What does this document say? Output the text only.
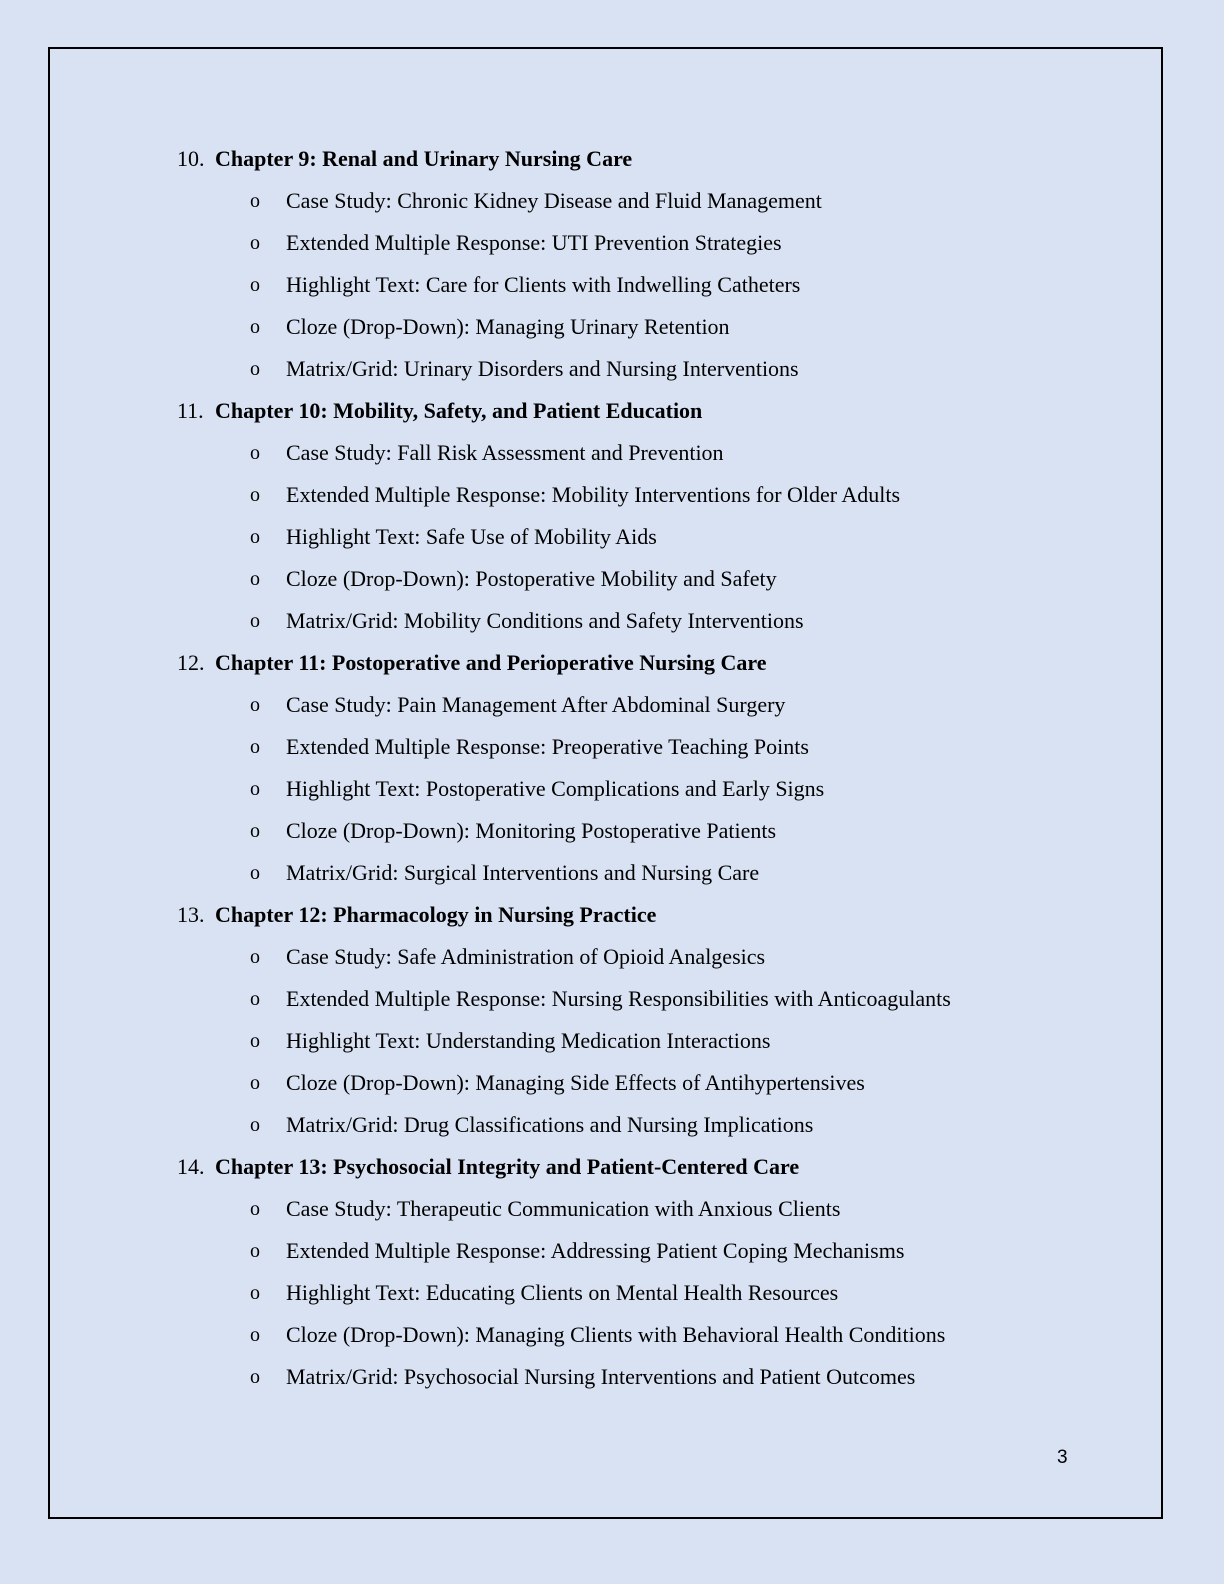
10. Chapter 9: Renal and Urinary Nursing Care
o Case Study: Chronic Kidney Disease and Fluid Management
o Extended Multiple Response: UTI Prevention Strategies
o Highlight Text: Care for Clients with Indwelling Catheters
o Cloze (Drop-Down): Managing Urinary Retention
o Matrix/Grid: Urinary Disorders and Nursing Interventions
11. Chapter 10: Mobility, Safety, and Patient Education
o Case Study: Fall Risk Assessment and Prevention
o Extended Multiple Response: Mobility Interventions for Older Adults
o Highlight Text: Safe Use of Mobility Aids
o Cloze (Drop-Down): Postoperative Mobility and Safety
o Matrix/Grid: Mobility Conditions and Safety Interventions
12. Chapter 11: Postoperative and Perioperative Nursing Care
o Case Study: Pain Management After Abdominal Surgery
o Extended Multiple Response: Preoperative Teaching Points
o Highlight Text: Postoperative Complications and Early Signs
o Cloze (Drop-Down): Monitoring Postoperative Patients
o Matrix/Grid: Surgical Interventions and Nursing Care
13. Chapter 12: Pharmacology in Nursing Practice
o Case Study: Safe Administration of Opioid Analgesics
o Extended Multiple Response: Nursing Responsibilities with Anticoagulants
o Highlight Text: Understanding Medication Interactions
o Cloze (Drop-Down): Managing Side Effects of Antihypertensives
o Matrix/Grid: Drug Classifications and Nursing Implications
14. Chapter 13: Psychosocial Integrity and Patient-Centered Care
o Case Study: Therapeutic Communication with Anxious Clients
o Extended Multiple Response: Addressing Patient Coping Mechanisms
o Highlight Text: Educating Clients on Mental Health Resources
o Cloze (Drop-Down): Managing Clients with Behavioral Health Conditions
o Matrix/Grid: Psychosocial Nursing Interventions and Patient Outcomes
3
